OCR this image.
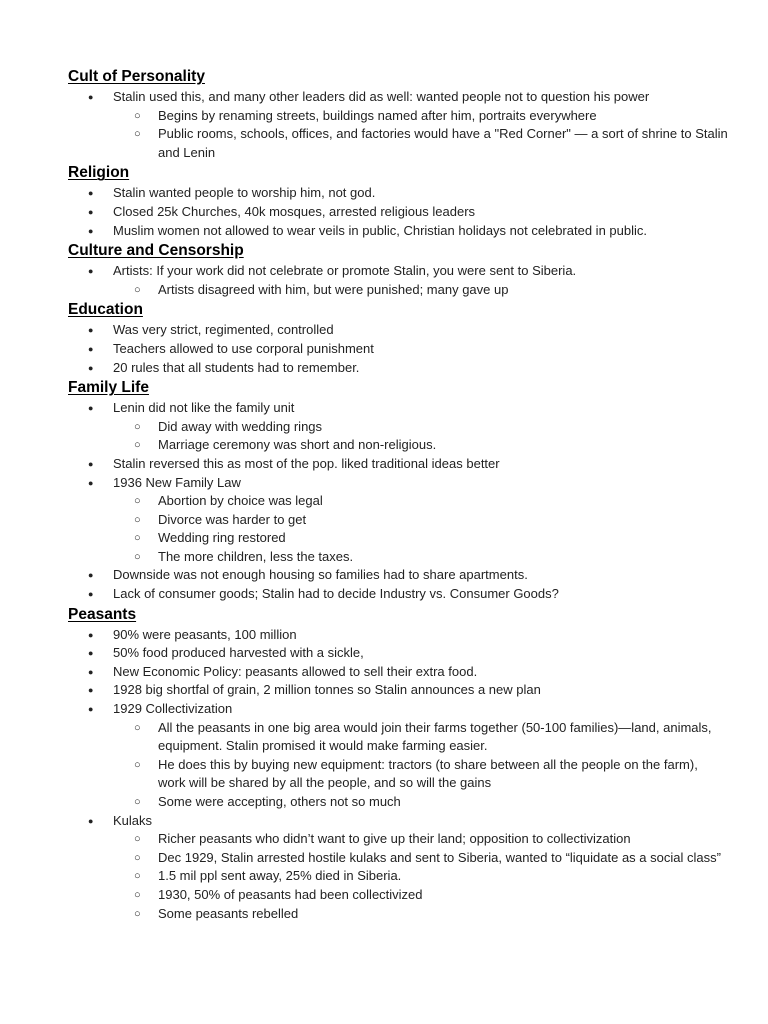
Cult of Personality
● Stalin used this, and many other leaders did as well: wanted people not to question his power
○ Begins by renaming streets, buildings named after him, portraits everywhere
○ Public rooms, schools, offices, and factories would have a "Red Corner" — a sort of shrine to Stalin and Lenin
Religion
● Stalin wanted people to worship him, not god.
● Closed 25k Churches, 40k mosques, arrested religious leaders
● Muslim women not allowed to wear veils in public, Christian holidays not celebrated in public.
Culture and Censorship
● Artists: If your work did not celebrate or promote Stalin, you were sent to Siberia.
○ Artists disagreed with him, but were punished; many gave up
Education
● Was very strict, regimented, controlled
● Teachers allowed to use corporal punishment
● 20 rules that all students had to remember.
Family Life
● Lenin did not like the family unit
○ Did away with wedding rings
○ Marriage ceremony was short and non-religious.
● Stalin reversed this as most of the pop. liked traditional ideas better
● 1936 New Family Law
○ Abortion by choice was legal
○ Divorce was harder to get
○ Wedding ring restored
○ The more children, less the taxes.
● Downside was not enough housing so families had to share apartments.
● Lack of consumer goods; Stalin had to decide Industry vs. Consumer Goods?
Peasants
● 90% were peasants, 100 million
● 50% food produced harvested with a sickle,
● New Economic Policy: peasants allowed to sell their extra food.
● 1928 big shortfal of grain, 2 million tonnes so Stalin announces a new plan
● 1929 Collectivization
○ All the peasants in one big area would join their farms together (50-100 families)—land, animals, equipment. Stalin promised it would make farming easier.
○ He does this by buying new equipment: tractors (to share between all the people on the farm), work will be shared by all the people, and so will the gains
○ Some were accepting, others not so much
● Kulaks
○ Richer peasants who didn’t want to give up their land; opposition to collectivization
○ Dec 1929, Stalin arrested hostile kulaks and sent to Siberia, wanted to “liquidate as a social class”
○ 1.5 mil ppl sent away, 25% died in Siberia.
○ 1930, 50% of peasants had been collectivized
○ Some peasants rebelled
